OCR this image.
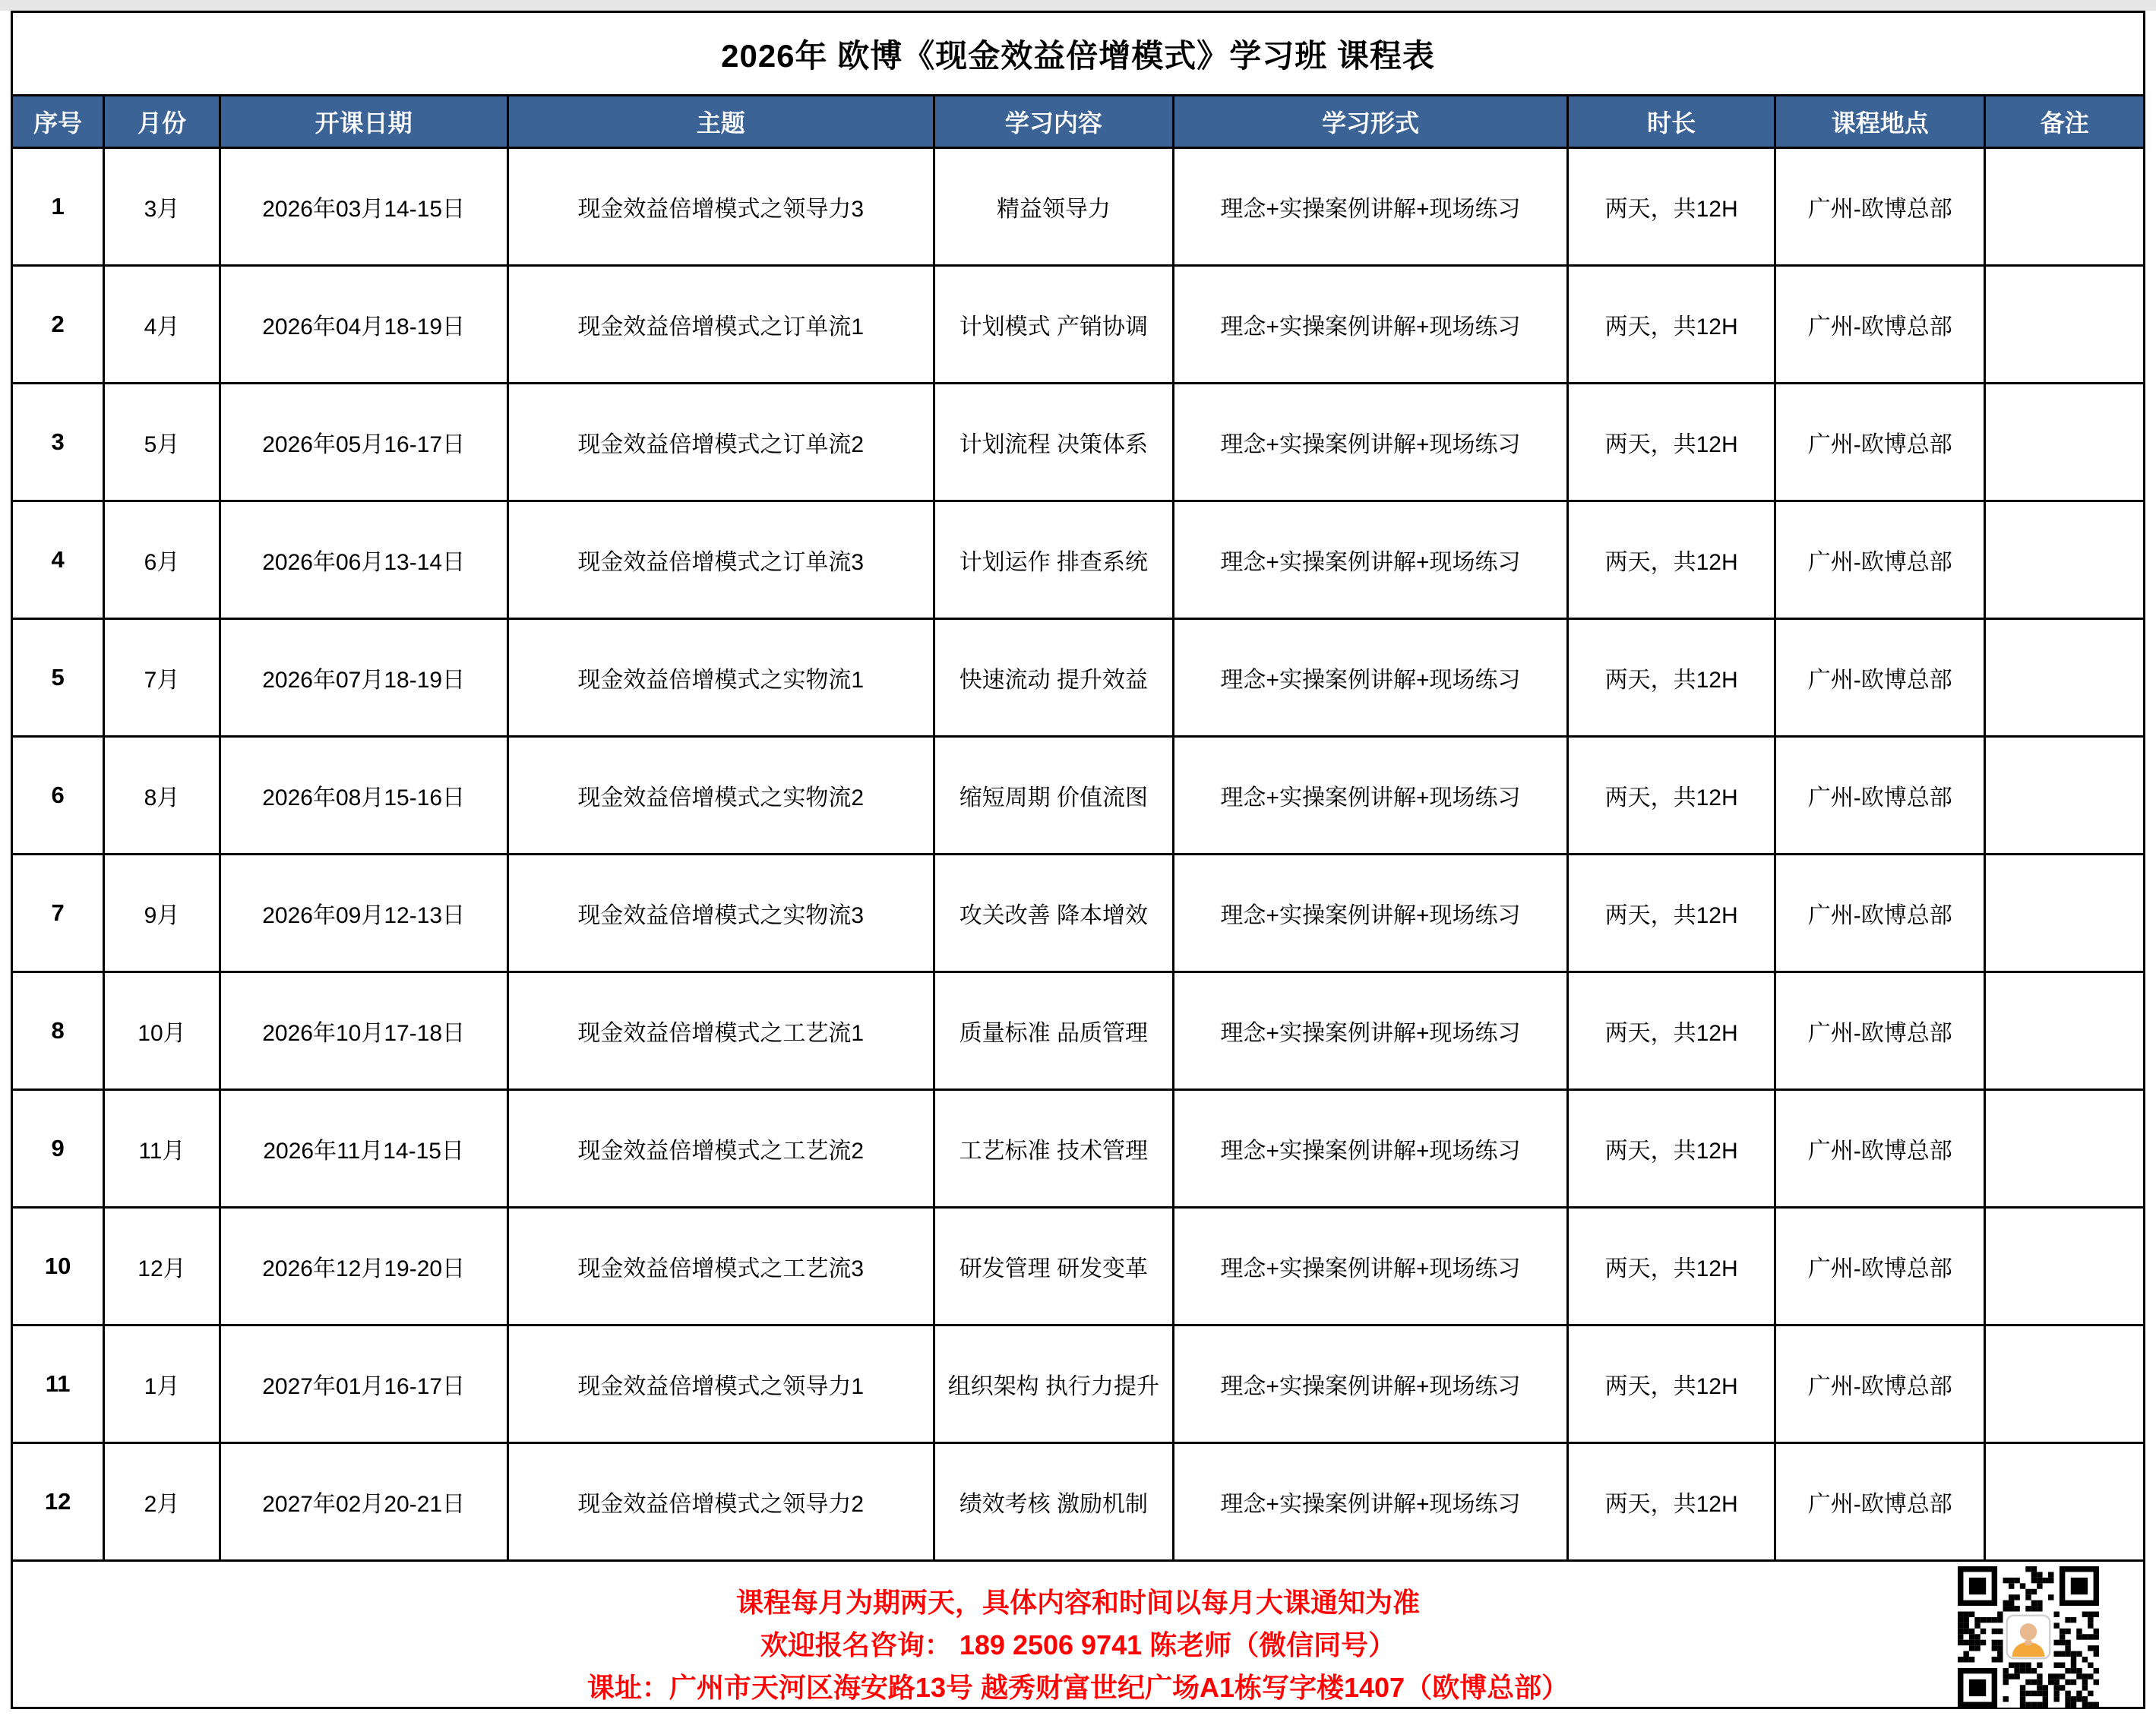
2026年 欧博《现金效益倍增模式》学习班 课程表
序号	月份	开课日期	主题	学习内容	学习形式	时长	课程地点	备注
1	3月	2026年03月14-15日	现金效益倍增模式之领导力3	精益领导力	理念+实操案例讲解+现场练习	两天，共12H	广州-欧博总部	
2	4月	2026年04月18-19日	现金效益倍增模式之订单流1	计划模式 产销协调	理念+实操案例讲解+现场练习	两天，共12H	广州-欧博总部	
3	5月	2026年05月16-17日	现金效益倍增模式之订单流2	计划流程 决策体系	理念+实操案例讲解+现场练习	两天，共12H	广州-欧博总部	
4	6月	2026年06月13-14日	现金效益倍增模式之订单流3	计划运作 排查系统	理念+实操案例讲解+现场练习	两天，共12H	广州-欧博总部	
5	7月	2026年07月18-19日	现金效益倍增模式之实物流1	快速流动 提升效益	理念+实操案例讲解+现场练习	两天，共12H	广州-欧博总部	
6	8月	2026年08月15-16日	现金效益倍增模式之实物流2	缩短周期 价值流图	理念+实操案例讲解+现场练习	两天，共12H	广州-欧博总部	
7	9月	2026年09月12-13日	现金效益倍增模式之实物流3	攻关改善 降本增效	理念+实操案例讲解+现场练习	两天，共12H	广州-欧博总部	
8	10月	2026年10月17-18日	现金效益倍增模式之工艺流1	质量标准 品质管理	理念+实操案例讲解+现场练习	两天，共12H	广州-欧博总部	
9	11月	2026年11月14-15日	现金效益倍增模式之工艺流2	工艺标准 技术管理	理念+实操案例讲解+现场练习	两天，共12H	广州-欧博总部	
10	12月	2026年12月19-20日	现金效益倍增模式之工艺流3	研发管理 研发变革	理念+实操案例讲解+现场练习	两天，共12H	广州-欧博总部	
11	1月	2027年01月16-17日	现金效益倍增模式之领导力1	组织架构 执行力提升	理念+实操案例讲解+现场练习	两天，共12H	广州-欧博总部	
12	2月	2027年02月20-21日	现金效益倍增模式之领导力2	绩效考核 激励机制	理念+实操案例讲解+现场练习	两天，共12H	广州-欧博总部	
课程每月为期两天，具体内容和时间以每月大课通知为准
欢迎报名咨询： 189 2506 9741 陈老师（微信同号）
课址：广州市天河区海安路13号 越秀财富世纪广场A1栋写字楼1407（欧博总部）
